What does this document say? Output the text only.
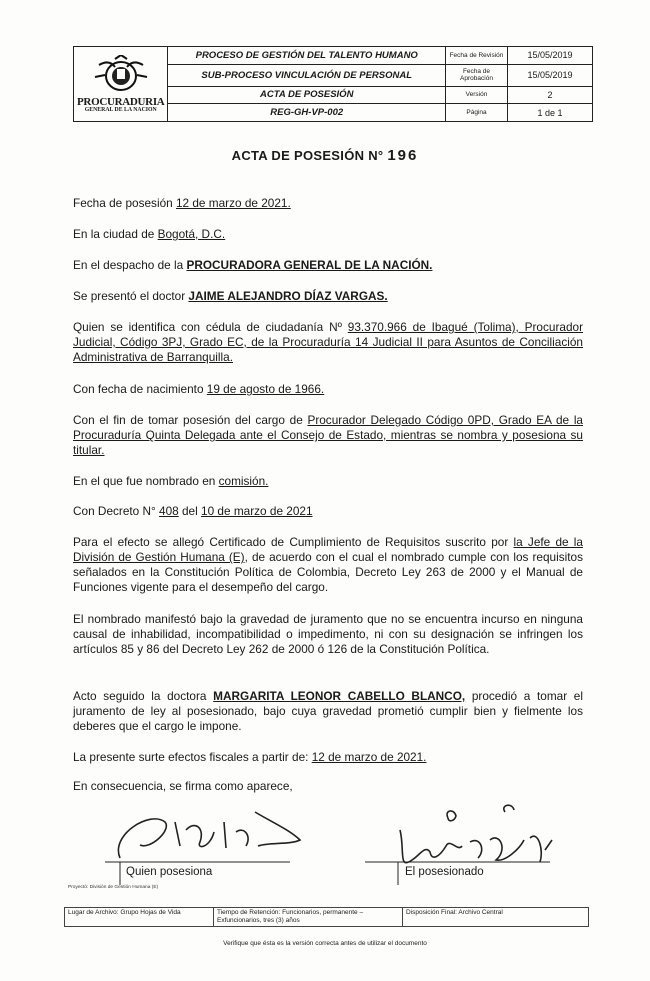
PROCURADURIA
GENERAL DE LA NACION	PROCESO DE GESTIÓN DEL TALENTO HUMANO	Fecha de Revisión	15/05/2019
	SUB-PROCESO VINCULACIÓN DE PERSONAL	Fecha de Aprobación	15/05/2019
	ACTA DE POSESIÓN	Versión	2
	REG-GH-VP-002	Página	1 de 1
ACTA DE POSESIÓN N° 196
Fecha de posesión 12 de marzo de 2021.
En la ciudad de Bogotá, D.C.
En el despacho de la PROCURADORA GENERAL DE LA NACIÓN.
Se presentó el doctor JAIME ALEJANDRO DÍAZ VARGAS.
Quien se identifica con cédula de ciudadanía Nº 93.370.966 de Ibagué (Tolima), Procurador Judicial, Código 3PJ, Grado EC, de la Procuraduría 14 Judicial II para Asuntos de Conciliación Administrativa de Barranquilla.
Con fecha de nacimiento 19 de agosto de 1966.
Con el fin de tomar posesión del cargo de Procurador Delegado Código 0PD, Grado EA de la Procuraduría Quinta Delegada ante el Consejo de Estado, mientras se nombra y posesiona su titular.
En el que fue nombrado en comisión.
Con Decreto N° 408 del 10 de marzo de 2021
Para el efecto se allegó Certificado de Cumplimiento de Requisitos suscrito por la Jefe de la División de Gestión Humana (E), de acuerdo con el cual el nombrado cumple con los requisitos señalados en la Constitución Política de Colombia, Decreto Ley 263 de 2000 y el Manual de Funciones vigente para el desempeño del cargo.
El nombrado manifestó bajo la gravedad de juramento que no se encuentra incurso en ninguna causal de inhabilidad, incompatibilidad o impedimento, ni con su designación se infringen los artículos 85 y 86 del Decreto Ley 262 de 2000 ó 126 de la Constitución Política.
Acto seguido la doctora MARGARITA LEONOR CABELLO BLANCO, procedió a tomar el juramento de ley al posesionado, bajo cuya gravedad prometió cumplir bien y fielmente los deberes que el cargo le impone.
La presente surte efectos fiscales a partir de: 12 de marzo de 2021.
En consecuencia, se firma como aparece,
Quien posesiona	El posesionado
Proyectó: División de Gestión Humana (E)
Lugar de Archivo: Grupo Hojas de Vida	Tiempo de Retención: Funcionarios, permanente – Exfuncionarios, tres (3) años	Disposición Final: Archivo Central
Verifique que ésta es la versión correcta antes de utilizar el documento
